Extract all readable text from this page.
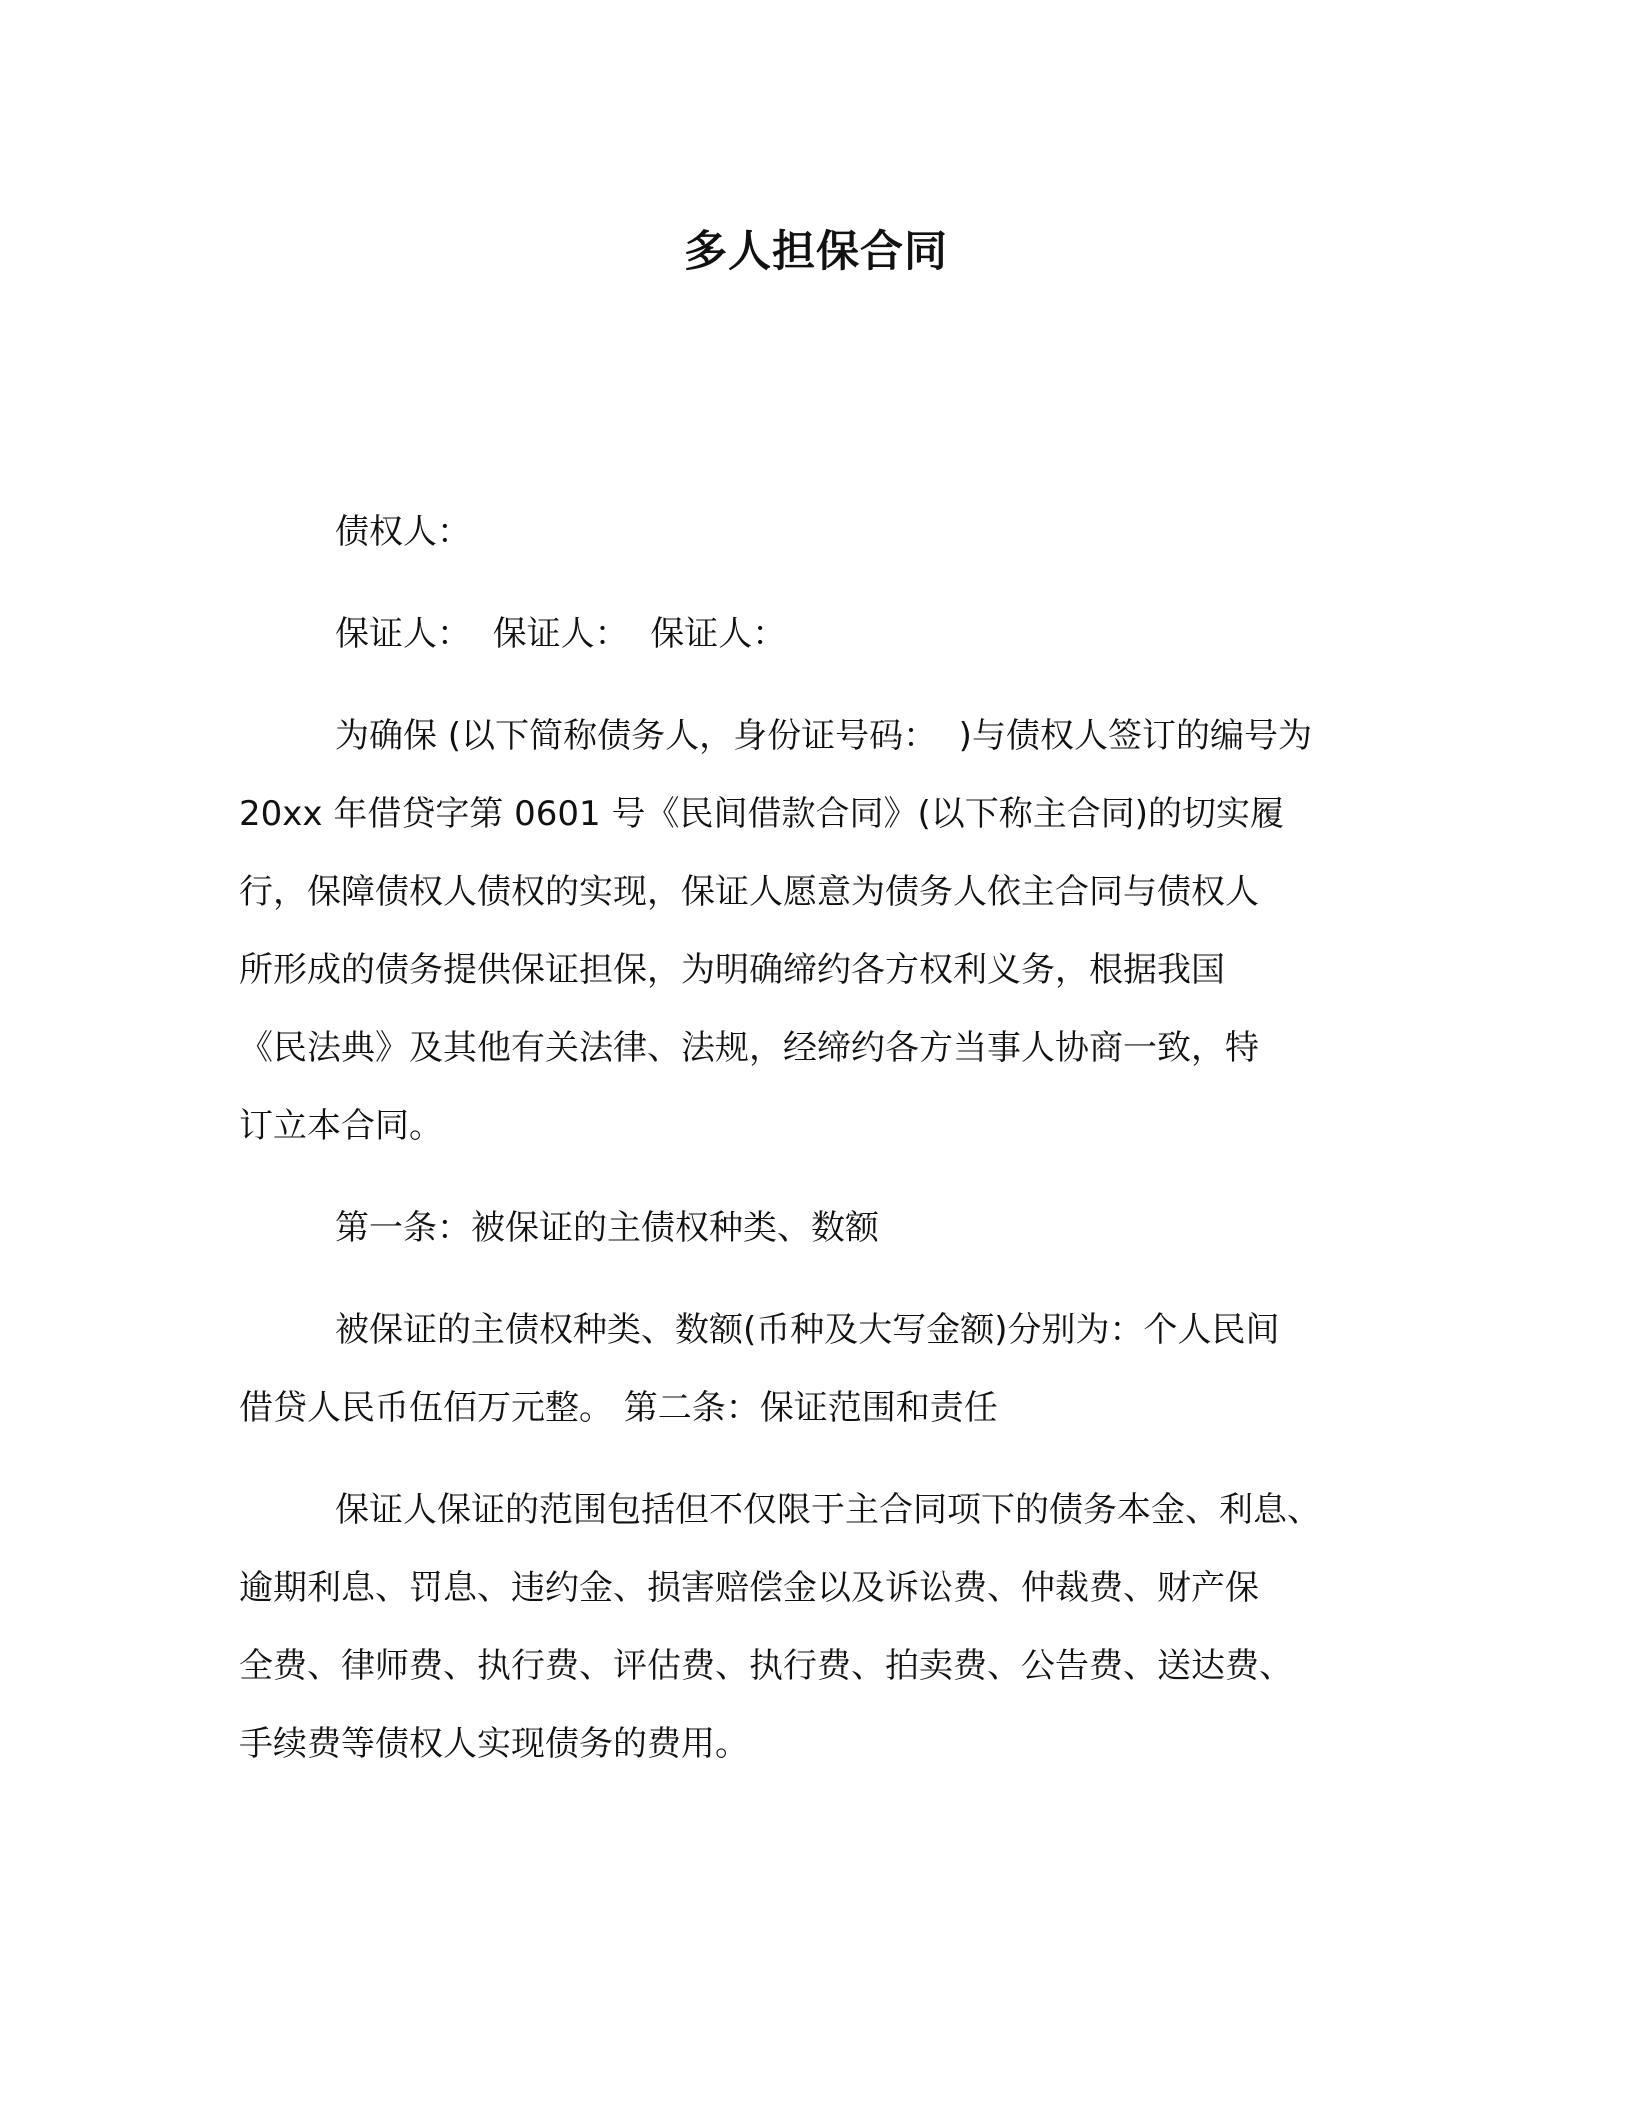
多人担保合同
债权人：
保证人：  保证人：  保证人：
为确保 (以下简称债务人，身份证号码：  )与债权人签订的编号为
20xx 年借贷字第 0601 号《民间借款合同》(以下称主合同)的切实履
行，保障债权人债权的实现，保证人愿意为债务人依主合同与债权人
所形成的债务提供保证担保，为明确缔约各方权利义务，根据我国
《民法典》及其他有关法律、法规，经缔约各方当事人协商一致，特
订立本合同。
第一条：被保证的主债权种类、数额
被保证的主债权种类、数额(币种及大写金额)分别为：个人民间
借贷人民币伍佰万元整。 第二条：保证范围和责任
保证人保证的范围包括但不仅限于主合同项下的债务本金、利息、
逾期利息、罚息、违约金、损害赔偿金以及诉讼费、仲裁费、财产保
全费、律师费、执行费、评估费、执行费、拍卖费、公告费、送达费、
手续费等债权人实现债务的费用。
